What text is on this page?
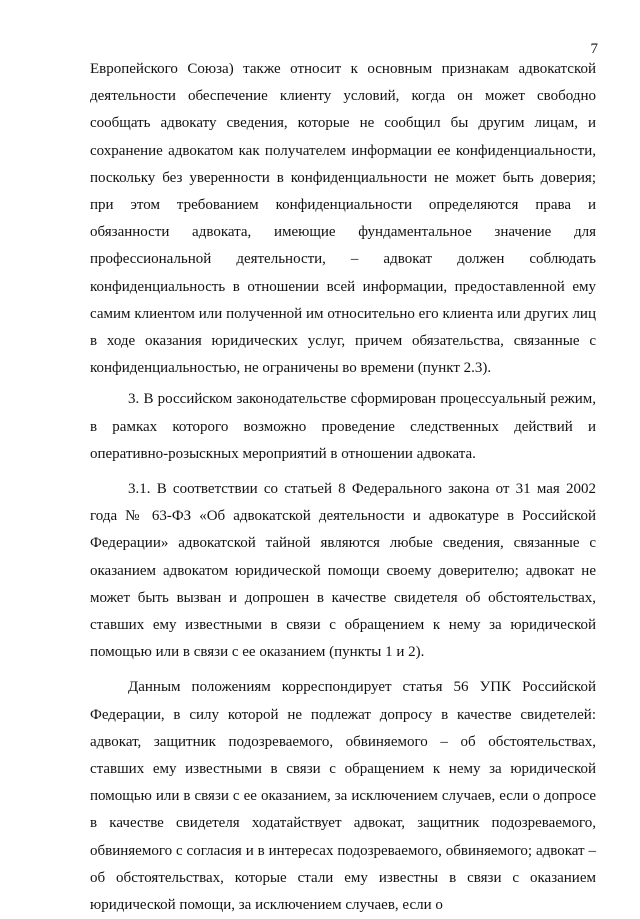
7

Европейского Союза) также относит к основным признакам адвокатской деятельности обеспечение клиенту условий, когда он может свободно сообщать адвокату сведения, которые не сообщил бы другим лицам, и сохранение адвокатом как получателем информации ее конфиденциальности, поскольку без уверенности в конфиденциальности не может быть доверия; при этом требованием конфиденциальности определяются права и обязанности адвоката, имеющие фундаментальное значение для профессиональной деятельности, – адвокат должен соблюдать конфиденциальность в отношении всей информации, предоставленной ему самим клиентом или полученной им относительно его клиента или других лиц в ходе оказания юридических услуг, причем обязательства, связанные с конфиденциальностью, не ограничены во времени (пункт 2.3).

3. В российском законодательстве сформирован процессуальный режим, в рамках которого возможно проведение следственных действий и оперативно-розыскных мероприятий в отношении адвоката.

3.1. В соответствии со статьей 8 Федерального закона от 31 мая 2002 года № 63-ФЗ «Об адвокатской деятельности и адвокатуре в Российской Федерации» адвокатской тайной являются любые сведения, связанные с оказанием адвокатом юридической помощи своему доверителю; адвокат не может быть вызван и допрошен в качестве свидетеля об обстоятельствах, ставших ему известными в связи с обращением к нему за юридической помощью или в связи с ее оказанием (пункты 1 и 2).

Данным положениям корреспондирует статья 56 УПК Российской Федерации, в силу которой не подлежат допросу в качестве свидетелей: адвокат, защитник подозреваемого, обвиняемого – об обстоятельствах, ставших ему известными в связи с обращением к нему за юридической помощью или в связи с ее оказанием, за исключением случаев, если о допросе в качестве свидетеля ходатайствует адвокат, защитник подозреваемого, обвиняемого с согласия и в интересах подозреваемого, обвиняемого; адвокат – об обстоятельствах, которые стали ему известны в связи с оказанием юридической помощи, за исключением случаев, если о
